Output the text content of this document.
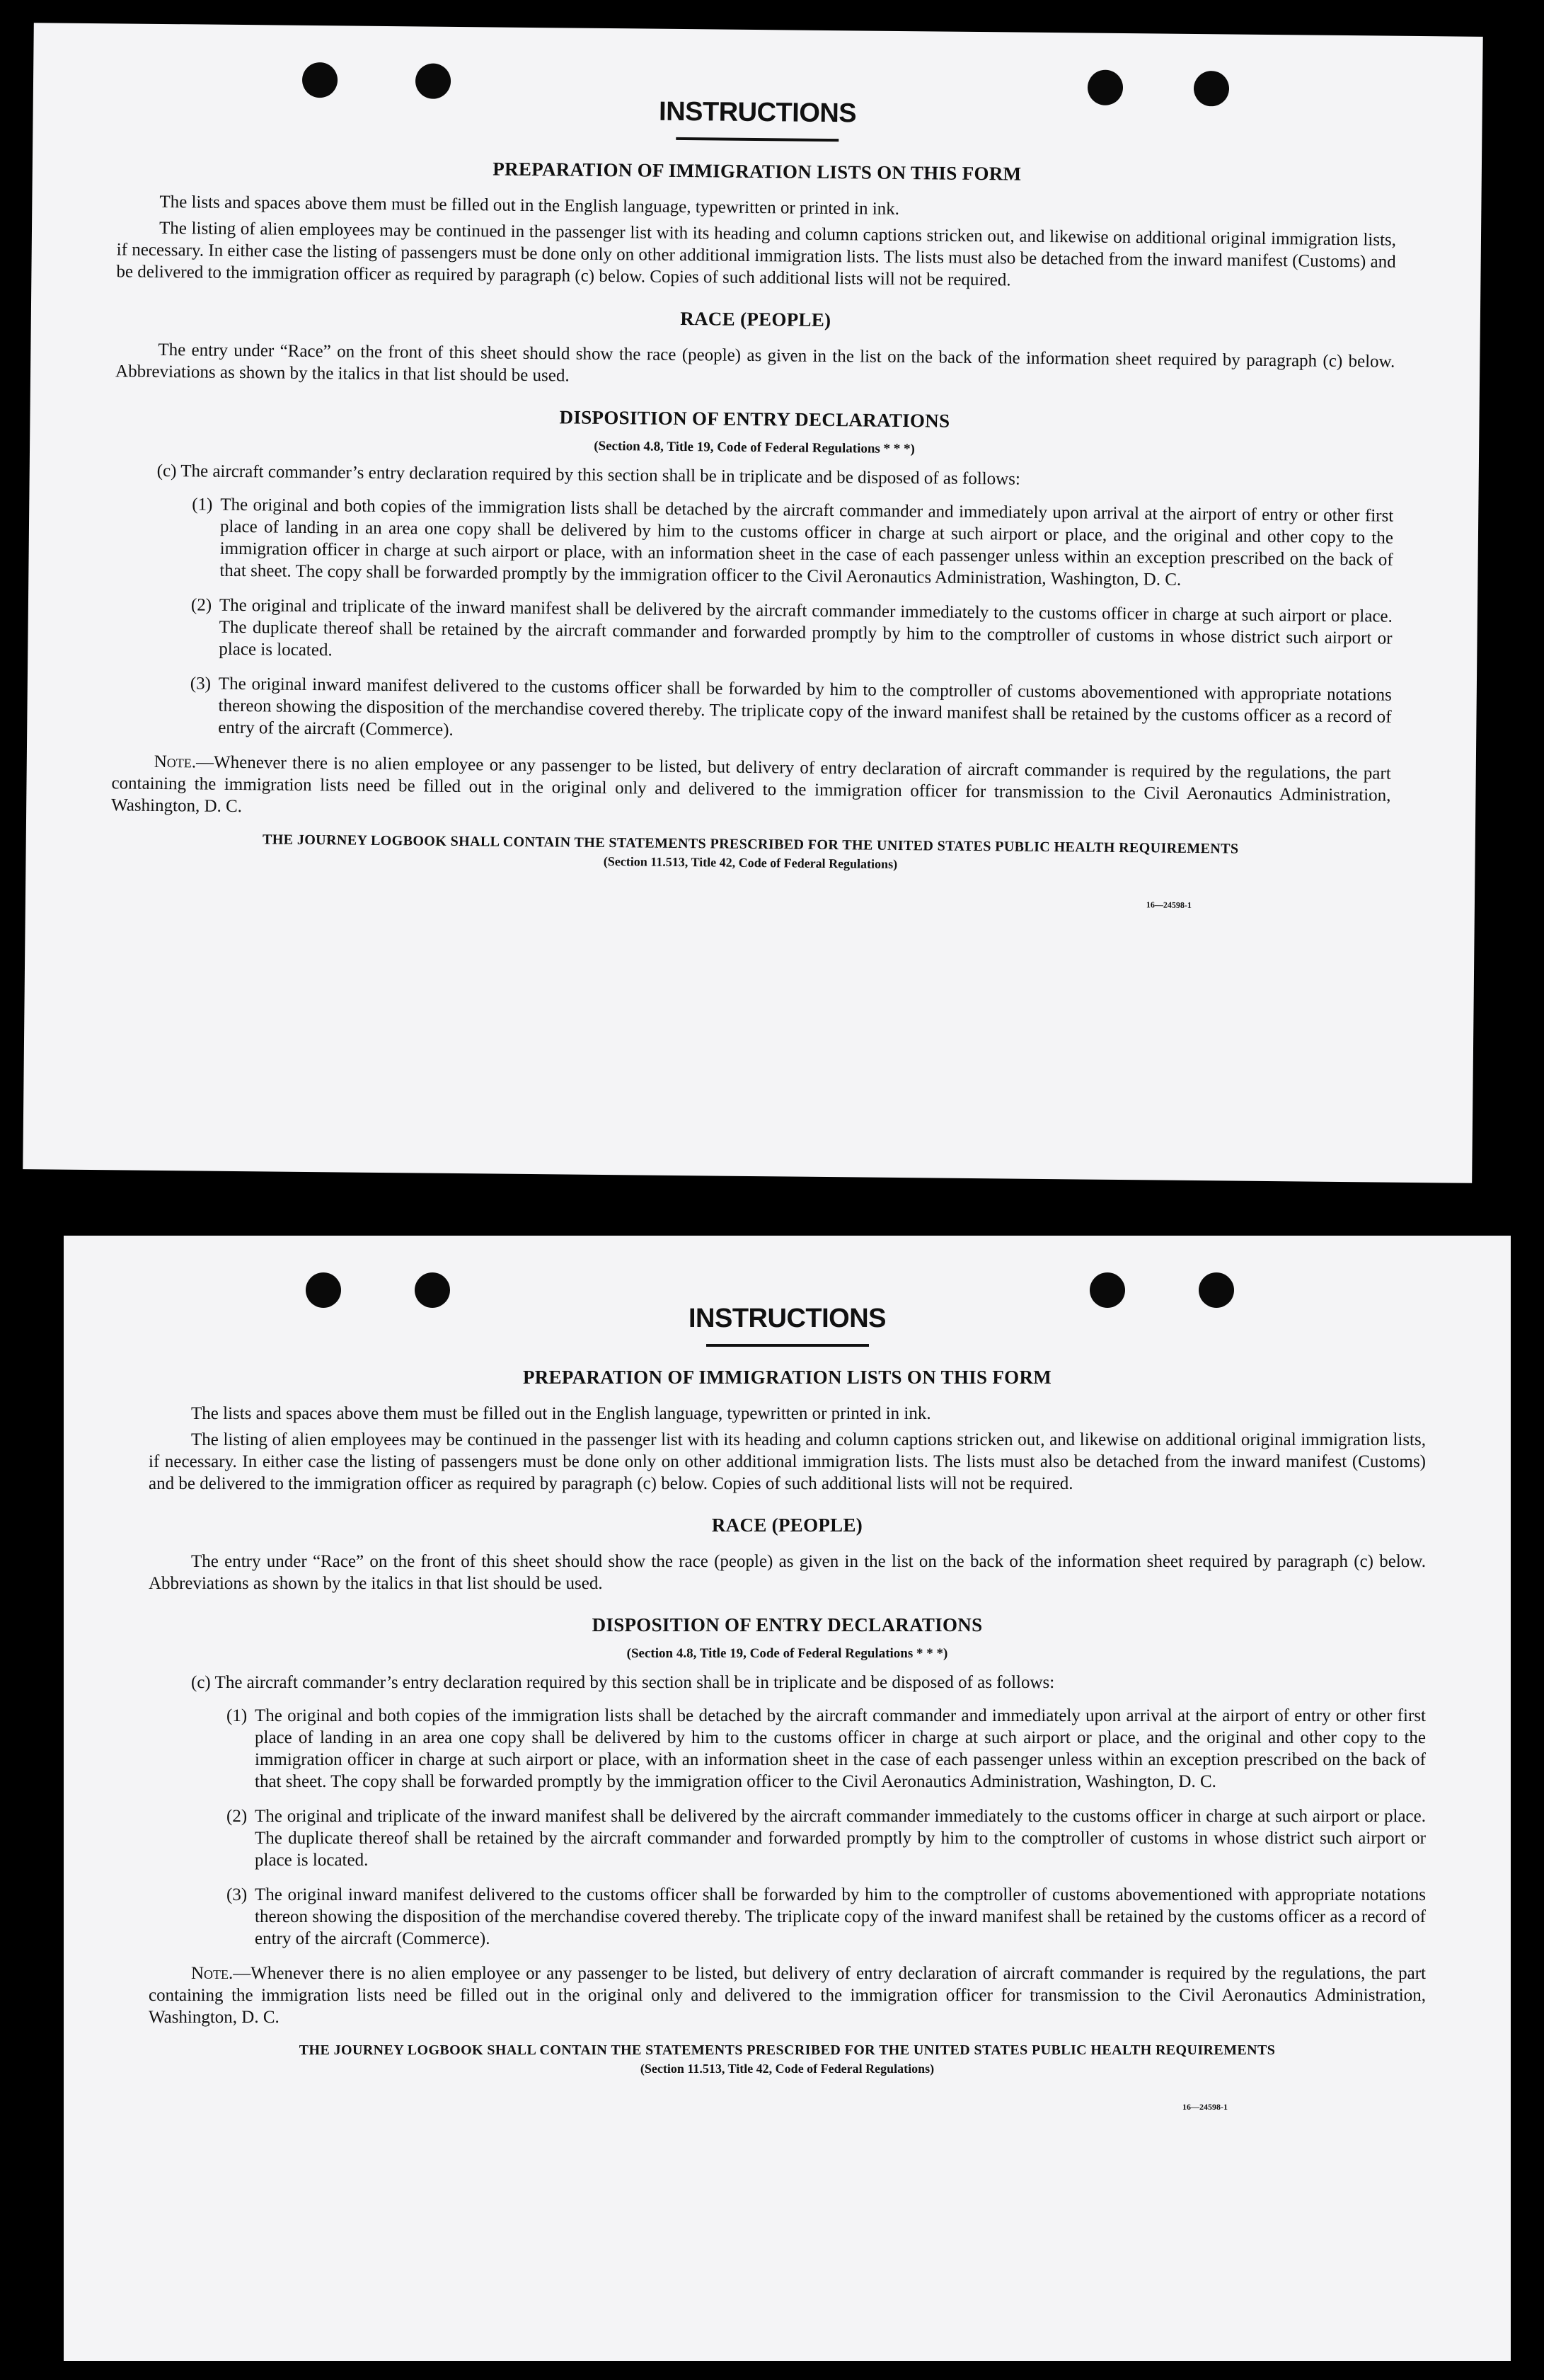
INSTRUCTIONS
PREPARATION OF IMMIGRATION LISTS ON THIS FORM

The lists and spaces above them must be filled out in the English language, typewritten or printed in ink.

The listing of alien employees may be continued in the passenger list with its heading and column captions stricken out, and likewise on additional original immigration lists, if necessary. In either case the listing of passengers must be done only on other additional immigration lists. The lists must also be detached from the inward manifest (Customs) and be delivered to the immigration officer as required by paragraph (c) below. Copies of such additional lists will not be required.

RACE (PEOPLE)

The entry under “Race” on the front of this sheet should show the race (people) as given in the list on the back of the information sheet required by paragraph (c) below. Abbreviations as shown by the italics in that list should be used.

DISPOSITION OF ENTRY DECLARATIONS
(Section 4.8, Title 19, Code of Federal Regulations * * *)

(c) The aircraft commander’s entry declaration required by this section shall be in triplicate and be disposed of as follows:

(1) The original and both copies of the immigration lists shall be detached by the aircraft commander and immediately upon arrival at the airport of entry or other first place of landing in an area one copy shall be delivered by him to the customs officer in charge at such airport or place, and the original and other copy to the immigration officer in charge at such airport or place, with an information sheet in the case of each passenger unless within an exception prescribed on the back of that sheet. The copy shall be forwarded promptly by the immigration officer to the Civil Aeronautics Administration, Washington, D. C.

(2) The original and triplicate of the inward manifest shall be delivered by the aircraft commander immediately to the customs officer in charge at such airport or place. The duplicate thereof shall be retained by the aircraft commander and forwarded promptly by him to the comptroller of customs in whose district such airport or place is located.

(3) The original inward manifest delivered to the customs officer shall be forwarded by him to the comptroller of customs abovementioned with appropriate notations thereon showing the disposition of the merchandise covered thereby. The triplicate copy of the inward manifest shall be retained by the customs officer as a record of entry of the aircraft (Commerce).

Note.—Whenever there is no alien employee or any passenger to be listed, but delivery of entry declaration of aircraft commander is required by the regulations, the part containing the immigration lists need be filled out in the original only and delivered to the immigration officer for transmission to the Civil Aeronautics Administration, Washington, D. C.

THE JOURNEY LOGBOOK SHALL CONTAIN THE STATEMENTS PRESCRIBED FOR THE UNITED STATES PUBLIC HEALTH REQUIREMENTS
(Section 11.513, Title 42, Code of Federal Regulations)
16—24598-1
INSTRUCTIONS
PREPARATION OF IMMIGRATION LISTS ON THIS FORM

The lists and spaces above them must be filled out in the English language, typewritten or printed in ink.

The listing of alien employees may be continued in the passenger list with its heading and column captions stricken out, and likewise on additional original immigration lists, if necessary. In either case the listing of passengers must be done only on other additional immigration lists. The lists must also be detached from the inward manifest (Customs) and be delivered to the immigration officer as required by paragraph (c) below. Copies of such additional lists will not be required.

RACE (PEOPLE)

The entry under “Race” on the front of this sheet should show the race (people) as given in the list on the back of the information sheet required by paragraph (c) below. Abbreviations as shown by the italics in that list should be used.

DISPOSITION OF ENTRY DECLARATIONS
(Section 4.8, Title 19, Code of Federal Regulations * * *)

(c) The aircraft commander’s entry declaration required by this section shall be in triplicate and be disposed of as follows:

(1) The original and both copies of the immigration lists shall be detached by the aircraft commander and immediately upon arrival at the airport of entry or other first place of landing in an area one copy shall be delivered by him to the customs officer in charge at such airport or place, and the original and other copy to the immigration officer in charge at such airport or place, with an information sheet in the case of each passenger unless within an exception prescribed on the back of that sheet. The copy shall be forwarded promptly by the immigration officer to the Civil Aeronautics Administration, Washington, D. C.

(2) The original and triplicate of the inward manifest shall be delivered by the aircraft commander immediately to the customs officer in charge at such airport or place. The duplicate thereof shall be retained by the aircraft commander and forwarded promptly by him to the comptroller of customs in whose district such airport or place is located.

(3) The original inward manifest delivered to the customs officer shall be forwarded by him to the comptroller of customs abovementioned with appropriate notations thereon showing the disposition of the merchandise covered thereby. The triplicate copy of the inward manifest shall be retained by the customs officer as a record of entry of the aircraft (Commerce).

Note.—Whenever there is no alien employee or any passenger to be listed, but delivery of entry declaration of aircraft commander is required by the regulations, the part containing the immigration lists need be filled out in the original only and delivered to the immigration officer for transmission to the Civil Aeronautics Administration, Washington, D. C.

THE JOURNEY LOGBOOK SHALL CONTAIN THE STATEMENTS PRESCRIBED FOR THE UNITED STATES PUBLIC HEALTH REQUIREMENTS
(Section 11.513, Title 42, Code of Federal Regulations)
16—24598-1
